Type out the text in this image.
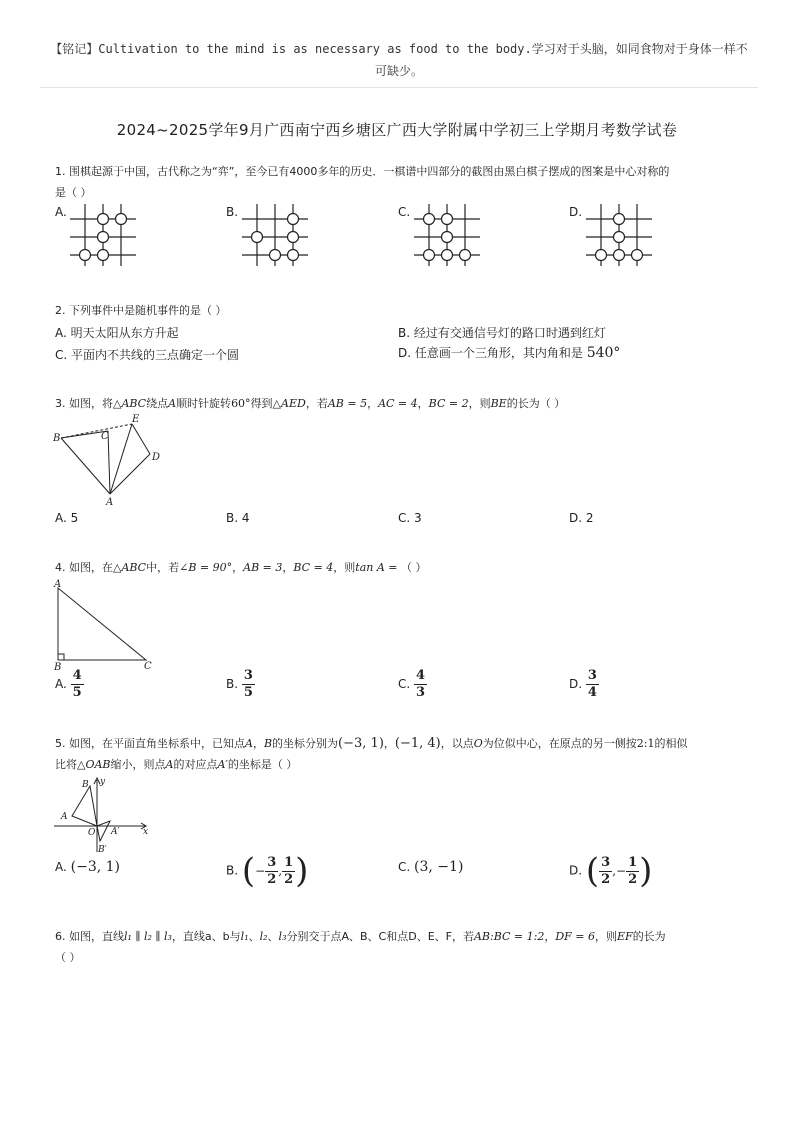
【铭记】Cultivation to the mind is as necessary as food to the body.学习对于头脑，如同食物对于身体一样不
可缺少。
2024~2025学年9月广西南宁西乡塘区广西大学附属中学初三上学期月考数学试卷
1. 围棋起源于中国，古代称之为“弈”，至今已有4000多年的历史．一棋谱中四部分的截图由黑白棋子摆成的图案是中心对称的
是（ ）
A.	B.	C.	D.
2. 下列事件中是随机事件的是（ ）
A. 明天太阳从东方升起	B. 经过有交通信号灯的路口时遇到红灯
C. 平面内不共线的三点确定一个圆	D. 任意画一个三角形，其内角和是 540°
3. 如图，将△ABC绕点A顺时针旋转60°得到△AED，若AB = 5，AC = 4，BC = 2，则BE的长为（ ）
B	C
E
D
A
A. 5	B. 4	C. 3	D. 2
4. 如图，在△ABC中，若∠B = 90°，AB = 3，BC = 4，则tan A = （ ）
A
B	C
A. $\frac{4}{5}$	B. $\frac{3}{5}$	C. $\frac{4}{3}$	D. $\frac{3}{4}$
5. 如图，在平面直角坐标系中，已知点A，B的坐标分别为(−3, 1)，(−1, 4)，以点O为位似中心，在原点的另一侧按2:1的相似
比将△OAB缩小，则点A的对应点A′的坐标是（ ）
B y
A
O A′	x
B′
A. (−3, 1)	B. (− $\frac{3}{2}$ , $\frac{1}{2}$ )	C. (3, −1)	D. ( $\frac{3}{2}$ ,− $\frac{1}{2}$ )
6. 如图，直线l₁ ∥ l₂ ∥ l₃，直线a、b与l₁、l₂、l₃分别交于点A、B、C和点D、E、F，若AB:BC = 1:2，DF = 6，则EF的长为
（ ）
